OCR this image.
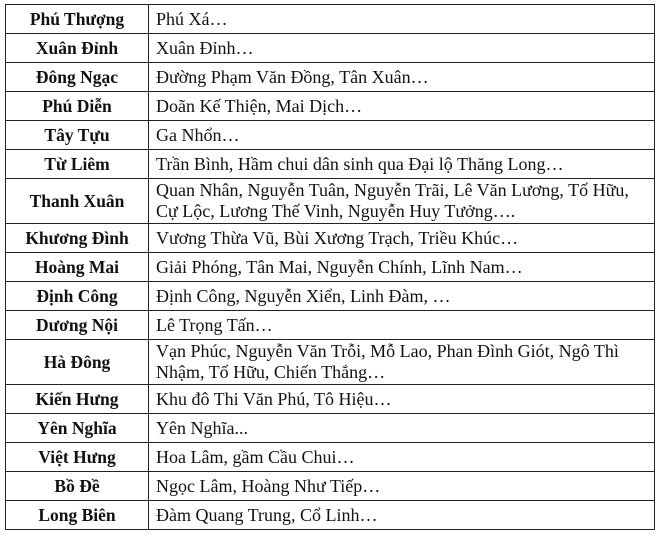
Phú Thượng	Phú Xá…
Xuân Đỉnh	Xuân Đỉnh…
Đông Ngạc	Đường Phạm Văn Đồng, Tân Xuân…
Phú Diễn	Doãn Kế Thiện, Mai Dịch…
Tây Tựu	Ga Nhổn…
Từ Liêm	Trần Bình, Hầm chui dân sinh qua Đại lộ Thăng Long…
Thanh Xuân	Quan Nhân, Nguyễn Tuân, Nguyễn Trãi, Lê Văn Lương, Tố Hữu, Cự Lộc, Lương Thế Vinh, Nguyễn Huy Tưởng….
Khương Đình	Vương Thừa Vũ, Bùi Xương Trạch, Triều Khúc…
Hoàng Mai	Giải Phóng, Tân Mai, Nguyễn Chính, Lĩnh Nam…
Định Công	Định Công, Nguyễn Xiển, Linh Đàm, …
Dương Nội	Lê Trọng Tấn…
Hà Đông	Vạn Phúc, Nguyễn Văn Trỗi, Mỗ Lao, Phan Đình Giót, Ngô Thì Nhậm, Tố Hữu, Chiến Thắng…
Kiến Hưng	Khu đô Thi Văn Phú, Tô Hiệu…
Yên Nghĩa	Yên Nghĩa...
Việt Hưng	Hoa Lâm, gầm Cầu Chui…
Bồ Đề	Ngọc Lâm, Hoàng Như Tiếp…
Long Biên	Đàm Quang Trung, Cổ Linh…
